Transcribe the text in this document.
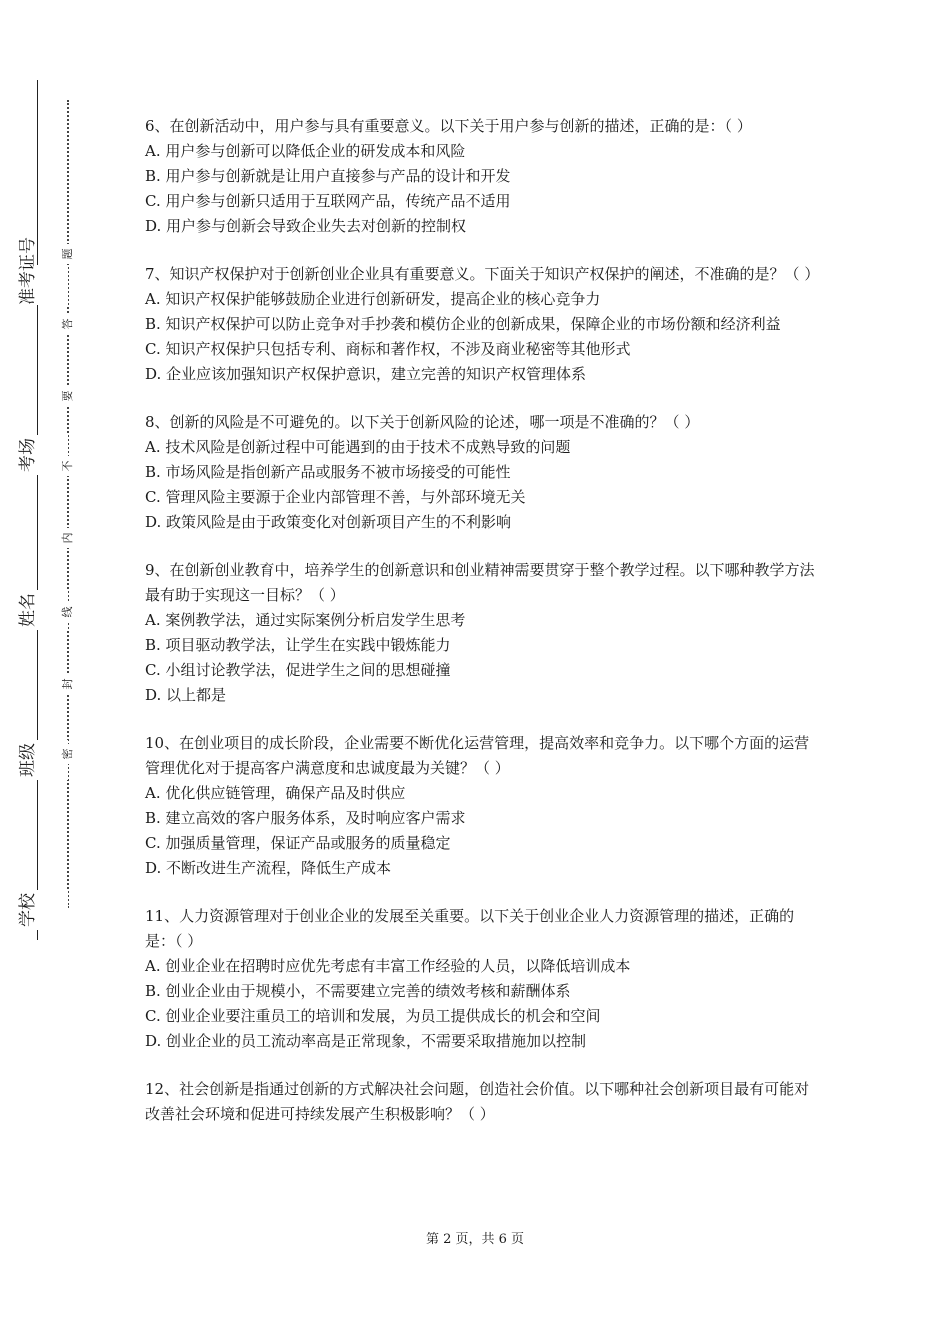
准考证号
考场
姓名
班级
学校
题
答
要
不
内
线
封
密

6、在创新活动中，用户参与具有重要意义。以下关于用户参与创新的描述，正确的是：（ ）

A. 用户参与创新可以降低企业的研发成本和风险

B. 用户参与创新就是让用户直接参与产品的设计和开发

C. 用户参与创新只适用于互联网产品，传统产品不适用

D. 用户参与创新会导致企业失去对创新的控制权

7、知识产权保护对于创新创业企业具有重要意义。下面关于知识产权保护的阐述，不准确的是？（ ）

A. 知识产权保护能够鼓励企业进行创新研发，提高企业的核心竞争力

B. 知识产权保护可以防止竞争对手抄袭和模仿企业的创新成果，保障企业的市场份额和经济利益

C. 知识产权保护只包括专利、商标和著作权，不涉及商业秘密等其他形式

D. 企业应该加强知识产权保护意识，建立完善的知识产权管理体系

8、创新的风险是不可避免的。以下关于创新风险的论述，哪一项是不准确的？（ ）

A. 技术风险是创新过程中可能遇到的由于技术不成熟导致的问题

B. 市场风险是指创新产品或服务不被市场接受的可能性

C. 管理风险主要源于企业内部管理不善，与外部环境无关

D. 政策风险是由于政策变化对创新项目产生的不利影响

9、在创新创业教育中，培养学生的创新意识和创业精神需要贯穿于整个教学过程。以下哪种教学方法最有助于实现这一目标？（ ）

A. 案例教学法，通过实际案例分析启发学生思考

B. 项目驱动教学法，让学生在实践中锻炼能力

C. 小组讨论教学法，促进学生之间的思想碰撞

D. 以上都是

10、在创业项目的成长阶段，企业需要不断优化运营管理，提高效率和竞争力。以下哪个方面的运营管理优化对于提高客户满意度和忠诚度最为关键？（ ）

A. 优化供应链管理，确保产品及时供应

B. 建立高效的客户服务体系，及时响应客户需求

C. 加强质量管理，保证产品或服务的质量稳定

D. 不断改进生产流程，降低生产成本

11、人力资源管理对于创业企业的发展至关重要。以下关于创业企业人力资源管理的描述，正确的是：（ ）

A. 创业企业在招聘时应优先考虑有丰富工作经验的人员，以降低培训成本

B. 创业企业由于规模小，不需要建立完善的绩效考核和薪酬体系

C. 创业企业要注重员工的培训和发展，为员工提供成长的机会和空间

D. 创业企业的员工流动率高是正常现象，不需要采取措施加以控制

12、社会创新是指通过创新的方式解决社会问题，创造社会价值。以下哪种社会创新项目最有可能对改善社会环境和促进可持续发展产生积极影响？（ ）

第 2 页，共 6 页
